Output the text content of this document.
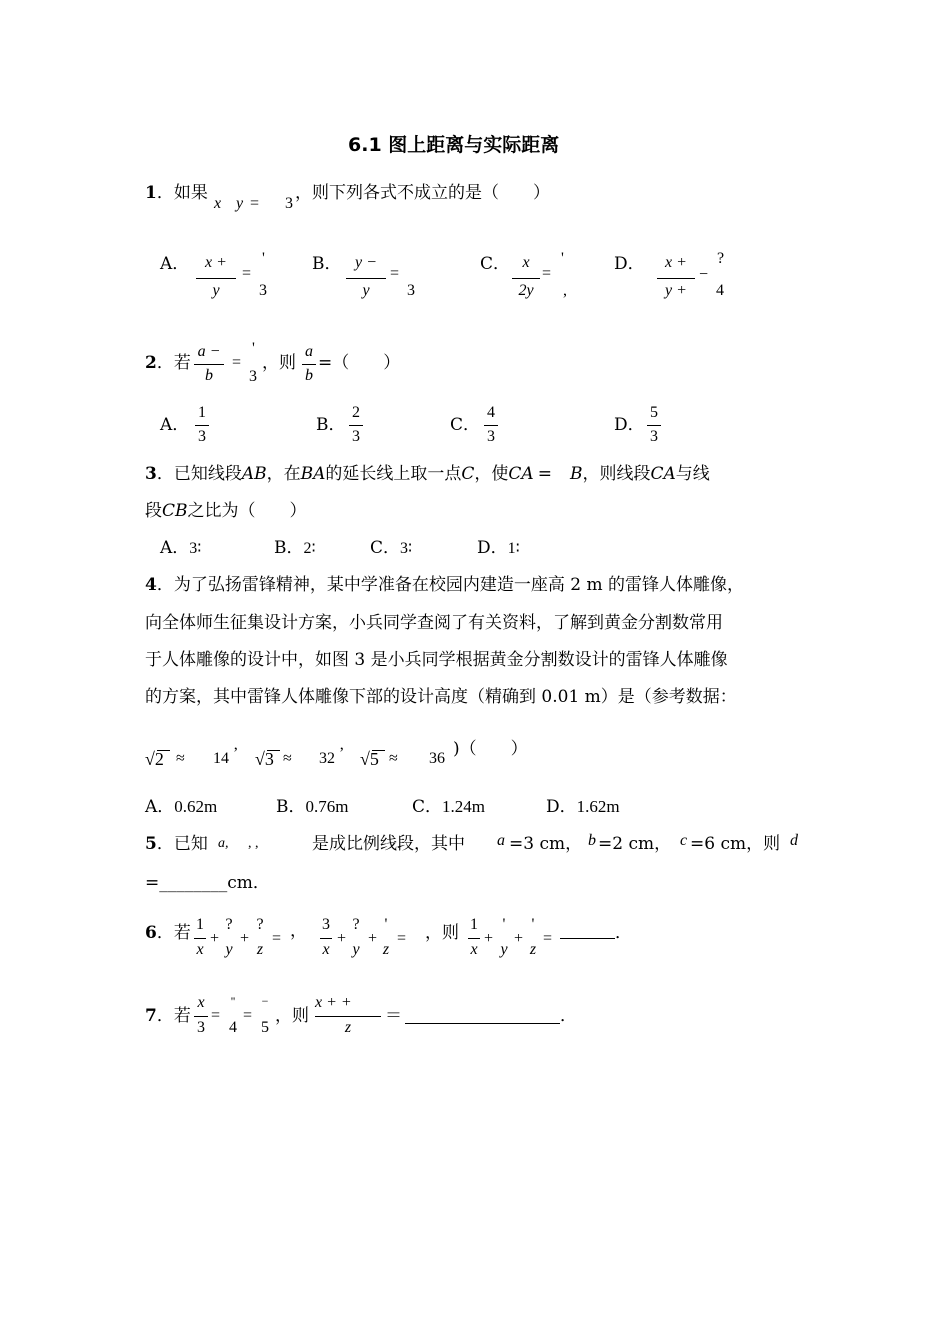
6.1 图上距离与实际距离
1．如果
x y = 3
，则下列各式不成立的是（　　）
A． x +
y
=
'
3
B． y −
y
=
3
C． x
2y
=
'
,
D．	x +
y +
−
?
4
2．若
a −
b
=
'
3
，则
a
b
=（　　）
A．
1
3
B．
2
3
C．
4
3
D．
5
3
3．已知线段AB，在BA的延长线上取一点C，使CA = B，则线段CA与线
段CB之比为（　　）
A．3∶	B．2∶	C．3∶	D．1∶
4．为了弘扬雷锋精神，某中学准备在校园内建造一座高 2 m 的雷锋人体雕像，
向全体师生征集设计方案，小兵同学查阅了有关资料，了解到黄金分割数常用
于人体雕像的设计中，如图 3 是小兵同学根据黄金分割数设计的雷锋人体雕像
的方案，其中雷锋人体雕像下部的设计高度（精确到 0.01 m）是（参考数据：
√2 ≈ 14 ’ √3 ≈ 32 ’ √5 ≈ 36 )（　　）
A．0.62m	B．0.76m	C．1.24m	D．1.62m
5．已知 a, , ,	是成比例线段，其中 a =3 cm， b =2 cm， c =6 cm，则 d
=________cm．
6．若 1
x
+
?
y
+
?
z
= ， 3
x
+
?
y
+
'
z
= ，则 1
x
+
'
y
+
'
z
=	．
7．若
x
3
=
''
4
=
−
5
，则
x + +
z
＝	．
